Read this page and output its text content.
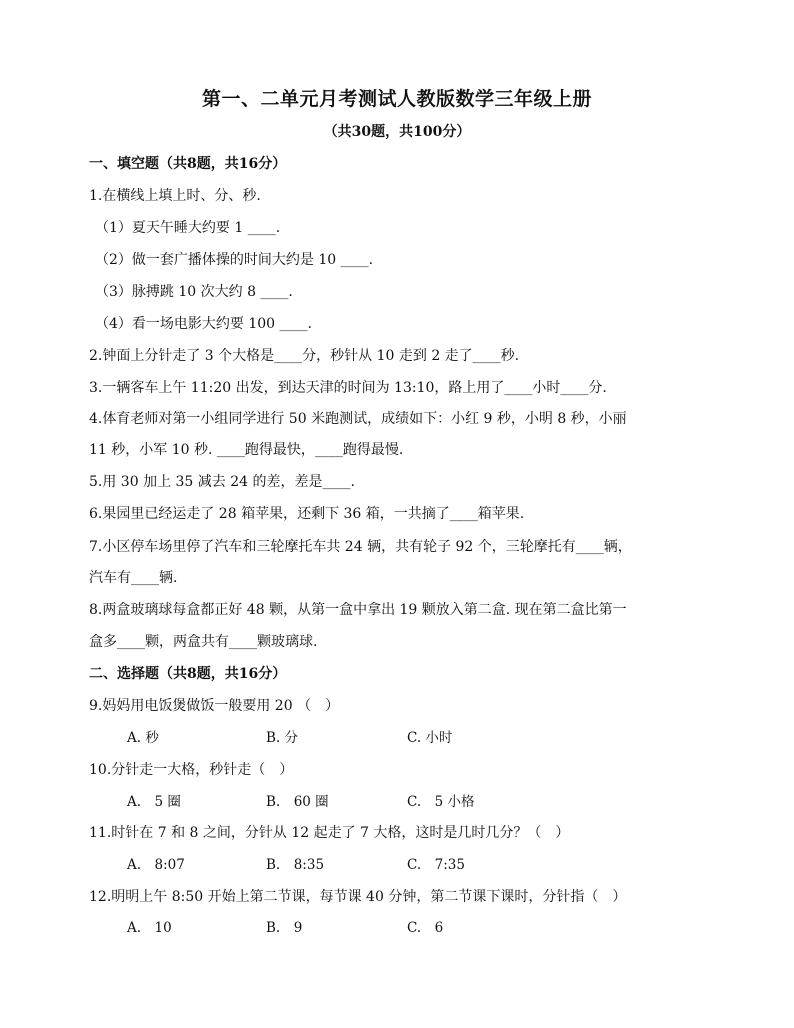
第一、二单元月考测试人教版数学三年级上册
（共30题，共100分）
一、填空题（共8题，共16分）
1.在横线上填上时、分、秒.
（1）夏天午睡大约要 1 ____.
（2）做一套广播体操的时间大约是 10 ____.
（3）脉搏跳 10 次大约 8 ____.
（4）看一场电影大约要 100 ____.
2.钟面上分针走了 3 个大格是____分，秒针从 10 走到 2 走了____秒.
3.一辆客车上午 11:20 出发，到达天津的时间为 13:10，路上用了____小时____分.
4.体育老师对第一小组同学进行 50 米跑测试，成绩如下：小红 9 秒，小明 8 秒，小丽
11 秒，小军 10 秒. ____跑得最快，____跑得最慢.
5.用 30 加上 35 减去 24 的差，差是____.
6.果园里已经运走了 28 箱苹果，还剩下 36 箱，一共摘了____箱苹果.
7.小区停车场里停了汽车和三轮摩托车共 24 辆，共有轮子 92 个，三轮摩托有____辆，
汽车有____辆.
8.两盒玻璃球每盒都正好 48 颗，从第一盒中拿出 19 颗放入第二盒. 现在第二盒比第一
盒多____颗，两盒共有____颗玻璃球.
二、选择题（共8题，共16分）
9.妈妈用电饭煲做饭一般要用 20 （　）
A. 秒	B. 分	C. 小时
10.分针走一大格，秒针走（　）
A.　5 圈	B.　60 圈	C.　5 小格
11.时针在 7 和 8 之间，分针从 12 起走了 7 大格，这时是几时几分？（　）
A.　8:07	B.　8:35	C.　7:35
12.明明上午 8:50 开始上第二节课，每节课 40 分钟，第二节课下课时，分针指（　）
A.　10	B.　9	C.　6
